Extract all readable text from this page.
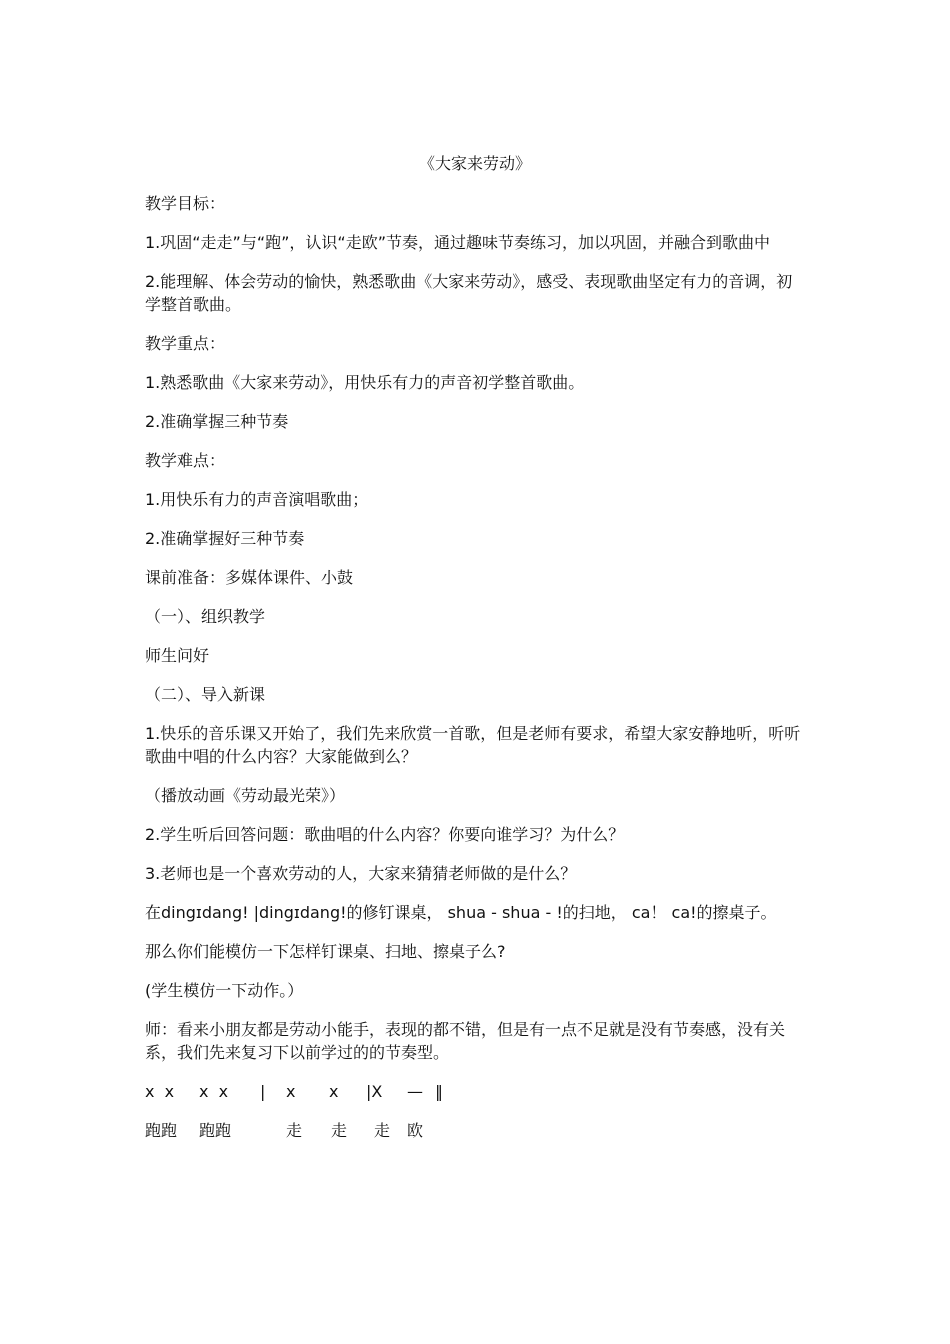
《大家来劳动》

教学目标：

1.巩固“走走”与“跑”，认识“走欧”节奏，通过趣味节奏练习，加以巩固，并融合到歌曲中

2.能理解、体会劳动的愉快，熟悉歌曲《大家来劳动》，感受、表现歌曲坚定有力的音调，初学整首歌曲。

教学重点：

1.熟悉歌曲《大家来劳动》，用快乐有力的声音初学整首歌曲。

2.准确掌握三种节奏

教学难点：

1.用快乐有力的声音演唱歌曲；

2.准确掌握好三种节奏

课前准备：多媒体课件、小鼓

（一）、组织教学

师生问好

（二）、导入新课

1.快乐的音乐课又开始了，我们先来欣赏一首歌，但是老师有要求，希望大家安静地听，听听歌曲中唱的什么内容？大家能做到么？

（播放动画《劳动最光荣》）

2.学生听后回答问题：歌曲唱的什么内容？你要向谁学习？为什么？

3.老师也是一个喜欢劳动的人，大家来猜猜老师做的是什么？

在dingɪdang! |dingɪdang!的修钉课桌， shua - shua - !的扫地， ca！ ca!的擦桌子。

那么你们能模仿一下怎样钉课桌、扫地、擦桌子么?

(学生模仿一下动作。）

师：看来小朋友都是劳动小能手，表现的都不错，但是有一点不足就是没有节奏感，没有关系，我们先来复习下以前学过的的节奏型。

x  x x  x | x x |X — ‖
跑跑 跑跑	走 走 走 欧
